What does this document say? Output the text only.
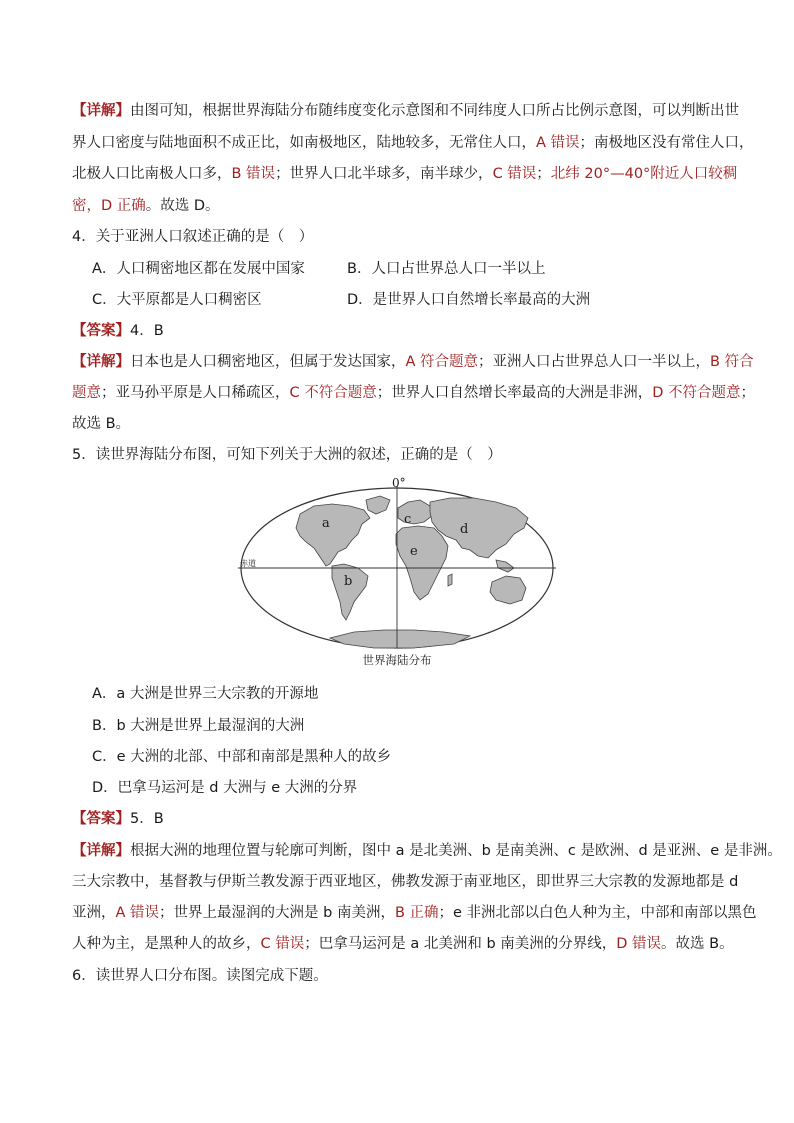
【详解】由图可知，根据世界海陆分布随纬度变化示意图和不同纬度人口所占比例示意图，可以判断出世
界人口密度与陆地面积不成正比，如南极地区，陆地较多，无常住人口，A 错误；南极地区没有常住人口，
北极人口比南极人口多，B 错误；世界人口北半球多，南半球少，C 错误；北纬 20°—40°附近人口较稠
密，D 正确。故选 D。
4．关于亚洲人口叙述正确的是（　）
A．人口稠密地区都在发展中国家	B．人口占世界总人口一半以上
C．大平原都是人口稠密区	D．是世界人口自然增长率最高的大洲
【答案】4．B
【详解】日本也是人口稠密地区，但属于发达国家，A 符合题意；亚洲人口占世界总人口一半以上，B 符合
题意；亚马孙平原是人口稀疏区，C 不符合题意；世界人口自然增长率最高的大洲是非洲，D 不符合题意；
故选 B。
5．读世界海陆分布图，可知下列关于大洲的叙述，正确的是（　）
0°
赤道
a
b
c
d
e
世界海陆分布
A．a 大洲是世界三大宗教的开源地
B．b 大洲是世界上最湿润的大洲
C．e 大洲的北部、中部和南部是黑种人的故乡
D．巴拿马运河是 d 大洲与 e 大洲的分界
【答案】5．B
【详解】根据大洲的地理位置与轮廓可判断，图中 a 是北美洲、b 是南美洲、c 是欧洲、d 是亚洲、e 是非洲。
三大宗教中，基督教与伊斯兰教发源于西亚地区，佛教发源于南亚地区，即世界三大宗教的发源地都是 d
亚洲，A 错误；世界上最湿润的大洲是 b 南美洲，B 正确；e 非洲北部以白色人种为主，中部和南部以黑色
人种为主，是黑种人的故乡，C 错误；巴拿马运河是 a 北美洲和 b 南美洲的分界线，D 错误。故选 B。
6．读世界人口分布图。读图完成下题。
